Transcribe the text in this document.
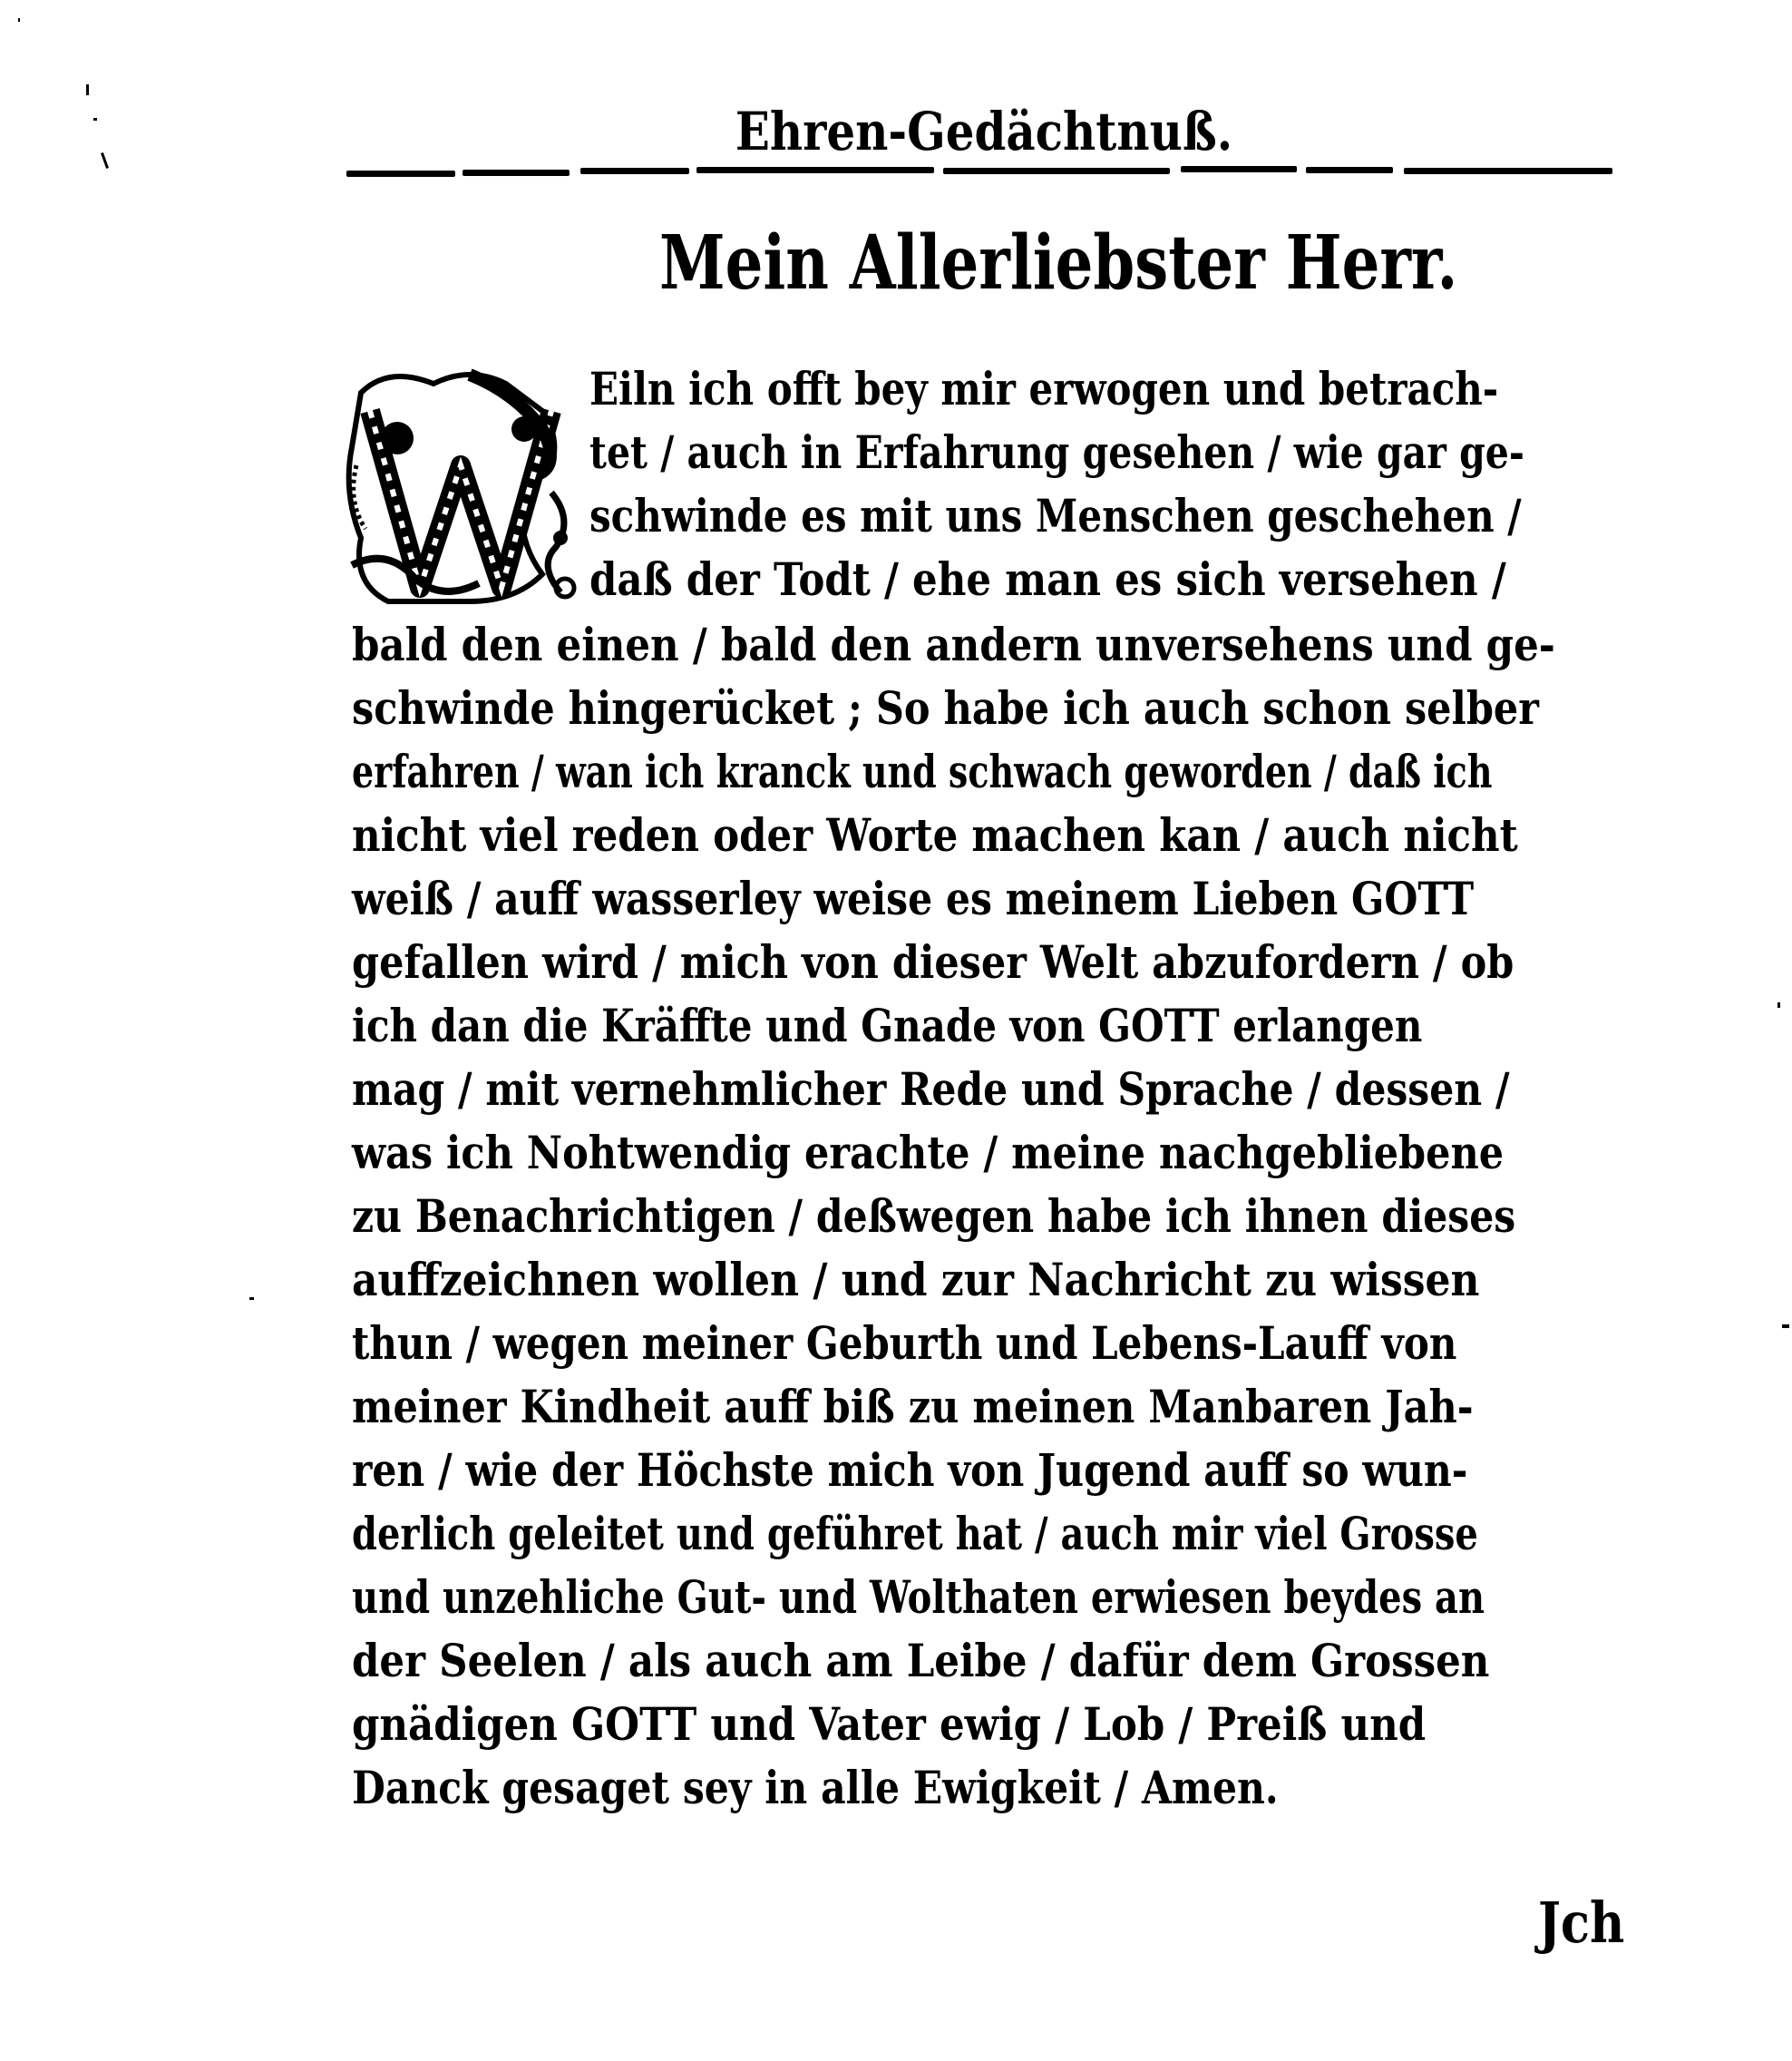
Ehren-Gedächtnuß.
Mein Allerliebster Herr.
Eiln ich offt bey mir erwogen und betrach-
tet / auch in Erfahrung gesehen / wie gar ge-
schwinde es mit uns Menschen geschehen /
daß der Todt / ehe man es sich versehen /
bald den einen / bald den andern unversehens und ge-
schwinde hingerücket ; So habe ich auch schon selber
erfahren / wan ich kranck und schwach geworden / daß ich
nicht viel reden oder Worte machen kan / auch nicht
weiß / auff wasserley weise es meinem Lieben GOTT
gefallen wird / mich von dieser Welt abzufordern / ob
ich dan die Kräffte und Gnade von GOTT erlangen
mag / mit vernehmlicher Rede und Sprache / dessen /
was ich Nohtwendig erachte / meine nachgebliebene
zu Benachrichtigen / deßwegen habe ich ihnen dieses
auffzeichnen wollen / und zur Nachricht zu wissen
thun / wegen meiner Geburth und Lebens-Lauff von
meiner Kindheit auff biß zu meinen Manbaren Jah-
ren / wie der Höchste mich von Jugend auff so wun-
derlich geleitet und geführet hat / auch mir viel Grosse
und unzehliche Gut- und Wolthaten erwiesen beydes an
der Seelen / als auch am Leibe / dafür dem Grossen
gnädigen GOTT und Vater ewig / Lob / Preiß und
Danck gesaget sey in alle Ewigkeit / Amen.
Jch
